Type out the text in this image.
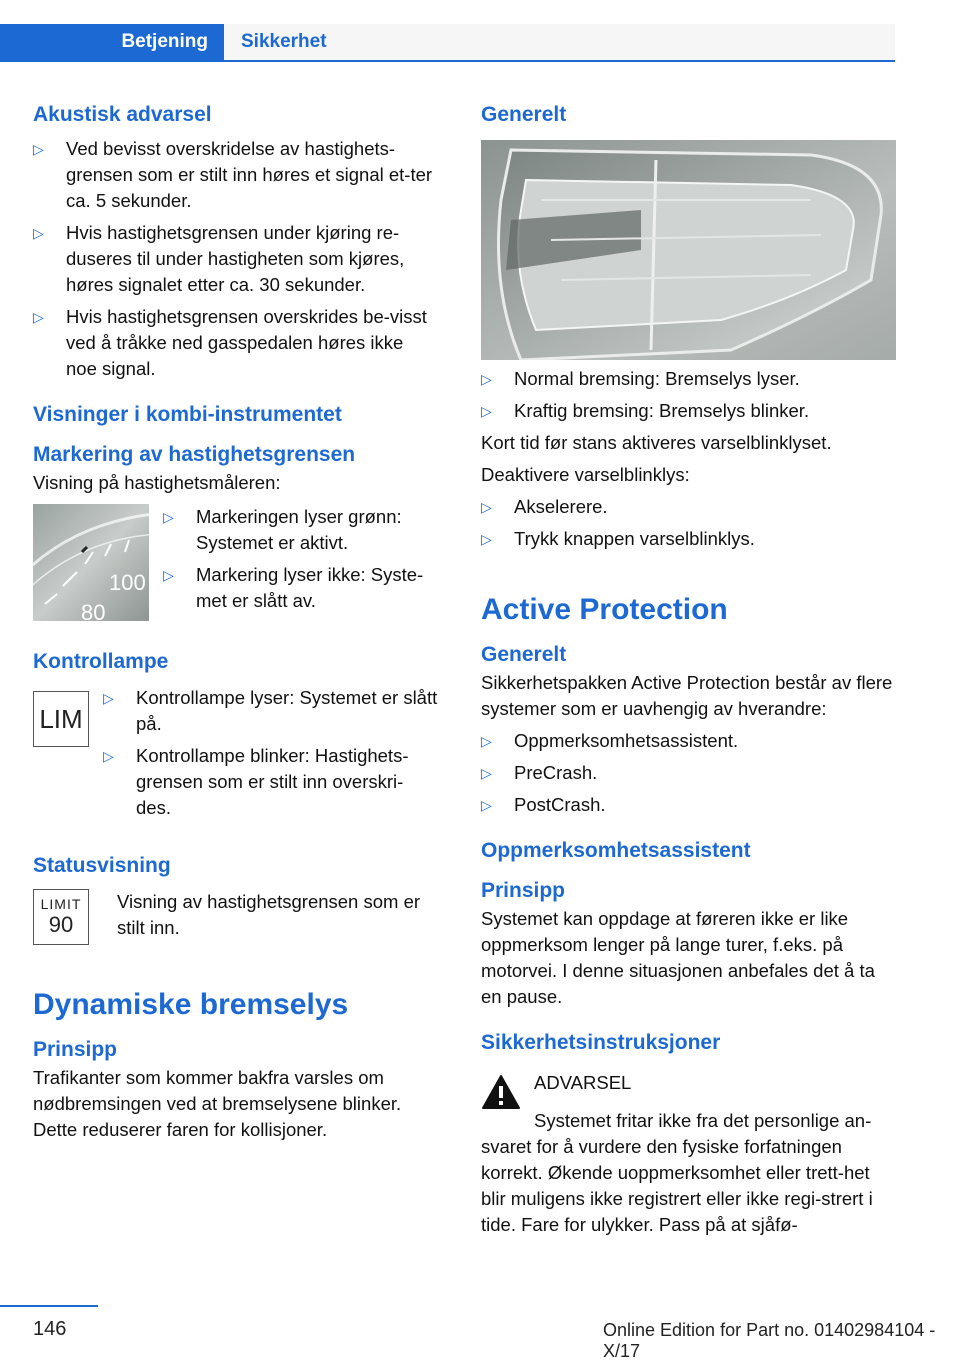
Betjening	Sikkerhet
Akustisk advarsel
▷ Ved bevisst overskridelse av hastighets-grensen som er stilt inn høres et signal et-ter ca. 5 sekunder.
▷ Hvis hastighetsgrensen under kjøring re-duseres til under hastigheten som kjøres, høres signalet etter ca. 30 sekunder.
▷ Hvis hastighetsgrensen overskrides be-visst ved å tråkke ned gasspedalen høres ikke noe signal.
Visninger i kombi-instrumentet
Markering av hastighetsgrensen
Visning på hastighetsmåleren:
100
80
▷ Markeringen lyser grønn: Systemet er aktivt.
▷ Markering lyser ikke: Syste-met er slått av.
Kontrollampe
LIM
▷ Kontrollampe lyser: Systemet er slått på.
▷ Kontrollampe blinker: Hastighets-grensen som er stilt inn overskri-des.
Statusvisning
LIMIT
90
Visning av hastighetsgrensen som er stilt inn.
Dynamiske bremselys
Prinsipp
Trafikanter som kommer bakfra varsles om nødbremsingen ved at bremselysene blinker. Dette reduserer faren for kollisjoner.
Generelt
▷ Normal bremsing: Bremselys lyser.
▷ Kraftig bremsing: Bremselys blinker.
Kort tid før stans aktiveres varselblinklyset.
Deaktivere varselblinklys:
▷ Akselerere.
▷ Trykk knappen varselblinklys.
Active Protection
Generelt
Sikkerhetspakken Active Protection består av flere systemer som er uavhengig av hverandre:
▷ Oppmerksomhetsassistent.
▷ PreCrash.
▷ PostCrash.
Oppmerksomhetsassistent
Prinsipp
Systemet kan oppdage at føreren ikke er like oppmerksom lenger på lange turer, f.eks. på motorvei. I denne situasjonen anbefales det å ta en pause.
Sikkerhetsinstruksjoner
ADVARSEL
Systemet fritar ikke fra det personlige an-svaret for å vurdere den fysiske forfatningen korrekt. Økende uoppmerksomhet eller trett-het blir muligens ikke registrert eller ikke regi-strert i tide. Fare for ulykker. Pass på at sjåfø-
146	Online Edition for Part no. 01402984104 - X/17
